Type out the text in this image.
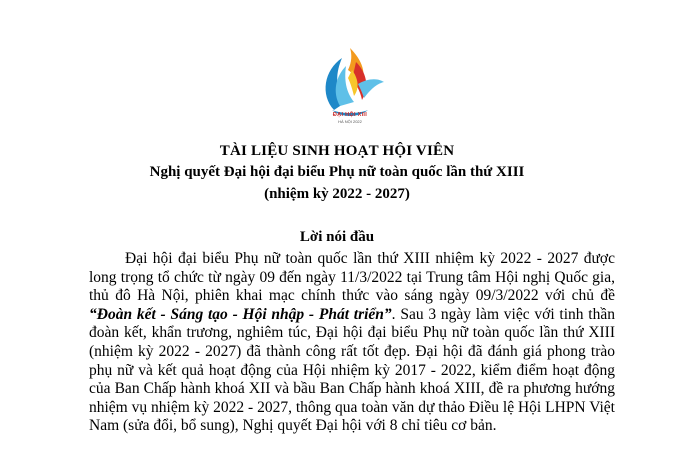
ĐẠI HỘI XIII
HÀ NỘI 2022
TÀI LIỆU SINH HOẠT HỘI VIÊN
Nghị quyết Đại hội đại biểu Phụ nữ toàn quốc lần thứ XIII
(nhiệm kỳ 2022 - 2027)
Lời nói đầu

Đại hội đại biểu Phụ nữ toàn quốc lần thứ XIII nhiệm kỳ 2022 - 2027 được long trọng tổ chức từ ngày 09 đến ngày 11/3/2022 tại Trung tâm Hội nghị Quốc gia, thủ đô Hà Nội, phiên khai mạc chính thức vào sáng ngày 09/3/2022 với chủ đề “Đoàn kết - Sáng tạo - Hội nhập - Phát triển”. Sau 3 ngày làm việc với tinh thần đoàn kết, khẩn trương, nghiêm túc, Đại hội đại biểu Phụ nữ toàn quốc lần thứ XIII (nhiệm kỳ 2022 - 2027) đã thành công rất tốt đẹp. Đại hội đã đánh giá phong trào phụ nữ và kết quả hoạt động của Hội nhiệm kỳ 2017 - 2022, kiểm điểm hoạt động của Ban Chấp hành khoá XII và bầu Ban Chấp hành khoá XIII, đề ra phương hướng nhiệm vụ nhiệm kỳ 2022 - 2027, thông qua toàn văn dự thảo Điều lệ Hội LHPN Việt Nam (sửa đổi, bổ sung), Nghị quyết Đại hội với 8 chỉ tiêu cơ bản.
